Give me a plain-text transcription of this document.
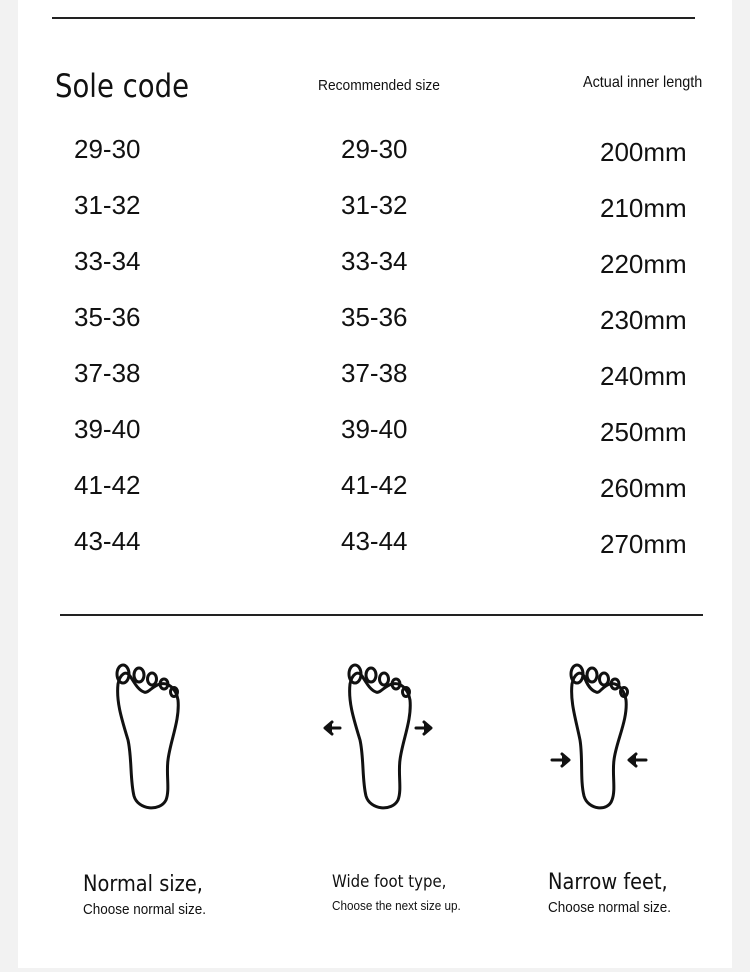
Sole code	Recommended size	Actual inner length
29-30	29-30	200mm
31-32	31-32	210mm
33-34	33-34	220mm
35-36	35-36	230mm
37-38	37-38	240mm
39-40	39-40	250mm
41-42	41-42	260mm
43-44	43-44	270mm
Normal size,
Choose normal size.
Wide foot type,
Choose the next size up.
Narrow feet,
Choose normal size.
